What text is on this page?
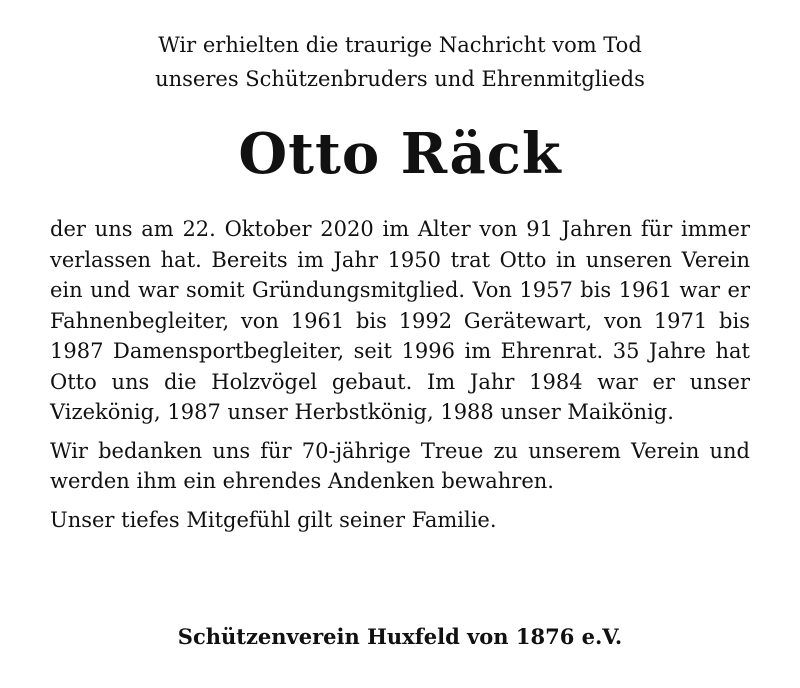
Wir erhielten die traurige Nachricht vom Tod
unseres Schützenbruders und Ehrenmitglieds
Otto Räck

der uns am 22. Oktober 2020 im Alter von 91 Jahren für immer verlassen hat. Bereits im Jahr 1950 trat Otto in unseren Verein ein und war somit Gründungsmitglied. Von 1957 bis 1961 war er Fahnenbegleiter, von 1961 bis 1992 Gerätewart, von 1971 bis 1987 Damensportbegleiter, seit 1996 im Ehrenrat. 35 Jahre hat Otto uns die Holzvögel gebaut. Im Jahr 1984 war er unser Vizekönig, 1987 unser Herbstkönig, 1988 unser Maikönig.

Wir bedanken uns für 70-jährige Treue zu unserem Verein und werden ihm ein ehrendes Andenken bewahren.

Unser tiefes Mitgefühl gilt seiner Familie.

Schützenverein Huxfeld von 1876 e.V.
